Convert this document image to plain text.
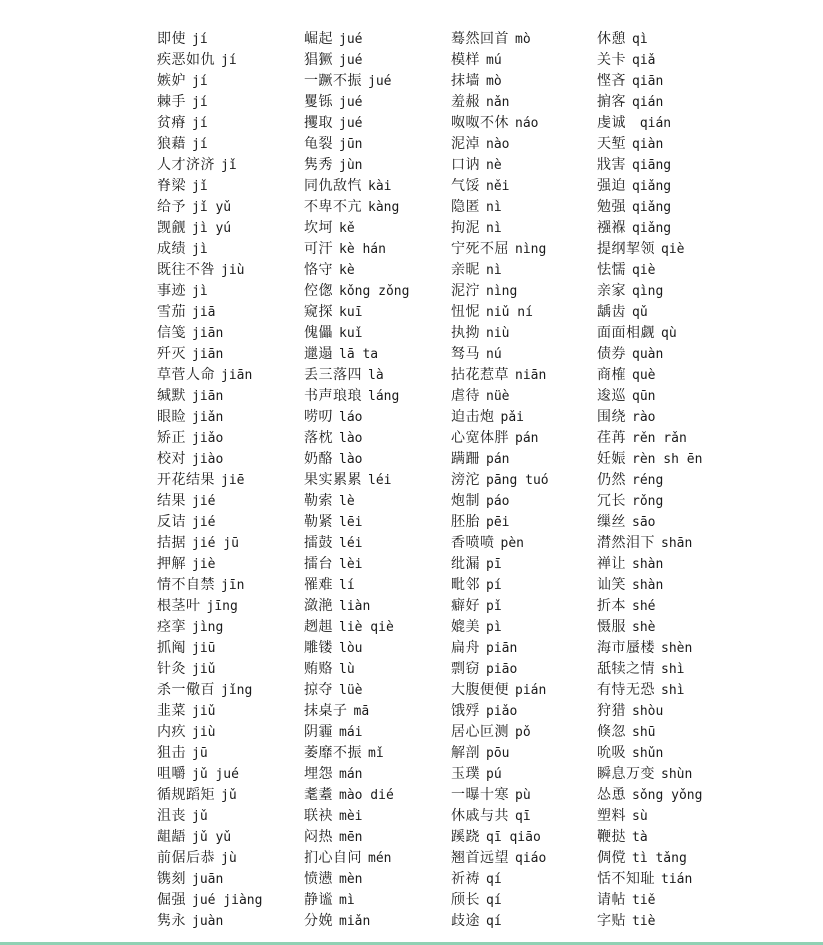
即使 jí
疾恶如仇 jí
嫉妒 jí
棘手 jí
贫瘠 jí
狼藉 jí
人才济济 jǐ
脊梁 jǐ
给予 jǐ yǔ
觊觎 jì yú
成绩 jì
既往不咎 jiù
事迹 jì
雪茄 jiā
信笺 jiān
歼灭 jiān
草菅人命 jiān
缄默 jiān
眼睑 jiǎn
矫正 jiǎo
校对 jiào
开花结果 jiē
结果 jié
反诘 jié
拮据 jié jū
押解 jiè
情不自禁 jīn
根茎叶 jīng
痉挛 jìng
抓阄 jiū
针灸 jiǔ
杀一儆百 jǐng
韭菜 jiǔ
内疚 jiù
狙击 jū
咀嚼 jǔ jué
循规蹈矩 jǔ
沮丧 jǔ
龃龉 jǔ yǔ
前倨后恭 jù
镌刻 juān
倔强 jué jiàng
隽永 juàn
崛起 jué
猖獗 jué
一蹶不振 jué
矍铄 jué
攫取 jué
龟裂 jūn
隽秀 jùn
同仇敌忾 kài
不卑不亢 kàng
坎坷 kě
可汗 kè hán
恪守 kè
倥偬 kǒng zǒng
窥探 kuī
傀儡 kuǐ
邋遢 lā ta
丢三落四 là
书声琅琅 láng
唠叨 láo
落枕 lào
奶酪 lào
果实累累 léi
勒索 lè
勒紧 lēi
擂鼓 léi
擂台 lèi
罹难 lí
潋滟 liàn
趔趄 liè qiè
雕镂 lòu
贿赂 lù
掠夺 lüè
抹桌子 mā
阴霾 mái
萎靡不振 mǐ
埋怨 mán
耄耋 mào dié
联袂 mèi
闷热 mēn
扪心自问 mén
愤懑 mèn
静谧 mì
分娩 miǎn
蓦然回首 mò
模样 mú
抹墙 mò
羞赧 nǎn
呶呶不休 náo
泥淖 nào
口讷 nè
气馁 něi
隐匿 nì
拘泥 nì
宁死不屈 nìng
亲昵 nì
泥泞 nìng
忸怩 niǔ ní
执拗 niù
驽马 nú
拈花惹草 niān
虐待 nüè
迫击炮 pǎi
心宽体胖 pán
蹒跚 pán
滂沱 pāng tuó
炮制 páo
胚胎 pēi
香喷喷 pèn
纰漏 pī
毗邻 pí
癖好 pǐ
媲美 pì
扁舟 piān
剽窃 piāo
大腹便便 pián
饿殍 piǎo
居心叵测 pǒ
解剖 pōu
玉璞 pú
一曝十寒 pù
休戚与共 qī
蹊跷 qī qiāo
翘首远望 qiáo
祈祷 qí
颀长 qí
歧途 qí
休憩 qì
关卡 qiǎ
悭吝 qiān
掮客 qián
虔诚 qián
天堑 qiàn
戕害 qiāng
强迫 qiǎng
勉强 qiǎng
襁褓 qiǎng
提纲挈领 qiè
怯懦 qiè
亲家 qìng
龋齿 qǔ
面面相觑 qù
债券 quàn
商榷 què
逡巡 qūn
围绕 rào
荏苒 rěn rǎn
妊娠 rèn sh ēn
仍然 réng
冗长 rǒng
缫丝 sāo
潸然泪下 shān
禅让 shàn
讪笑 shàn
折本 shé
慑服 shè
海市蜃楼 shèn
舐犊之情 shì
有恃无恐 shì
狩猎 shòu
倏忽 shū
吮吸 shǔn
瞬息万变 shùn
怂恿 sǒng yǒng
塑料 sù
鞭挞 tà
倜傥 tì tǎng
恬不知耻 tián
请帖 tiě
字贴 tiè
